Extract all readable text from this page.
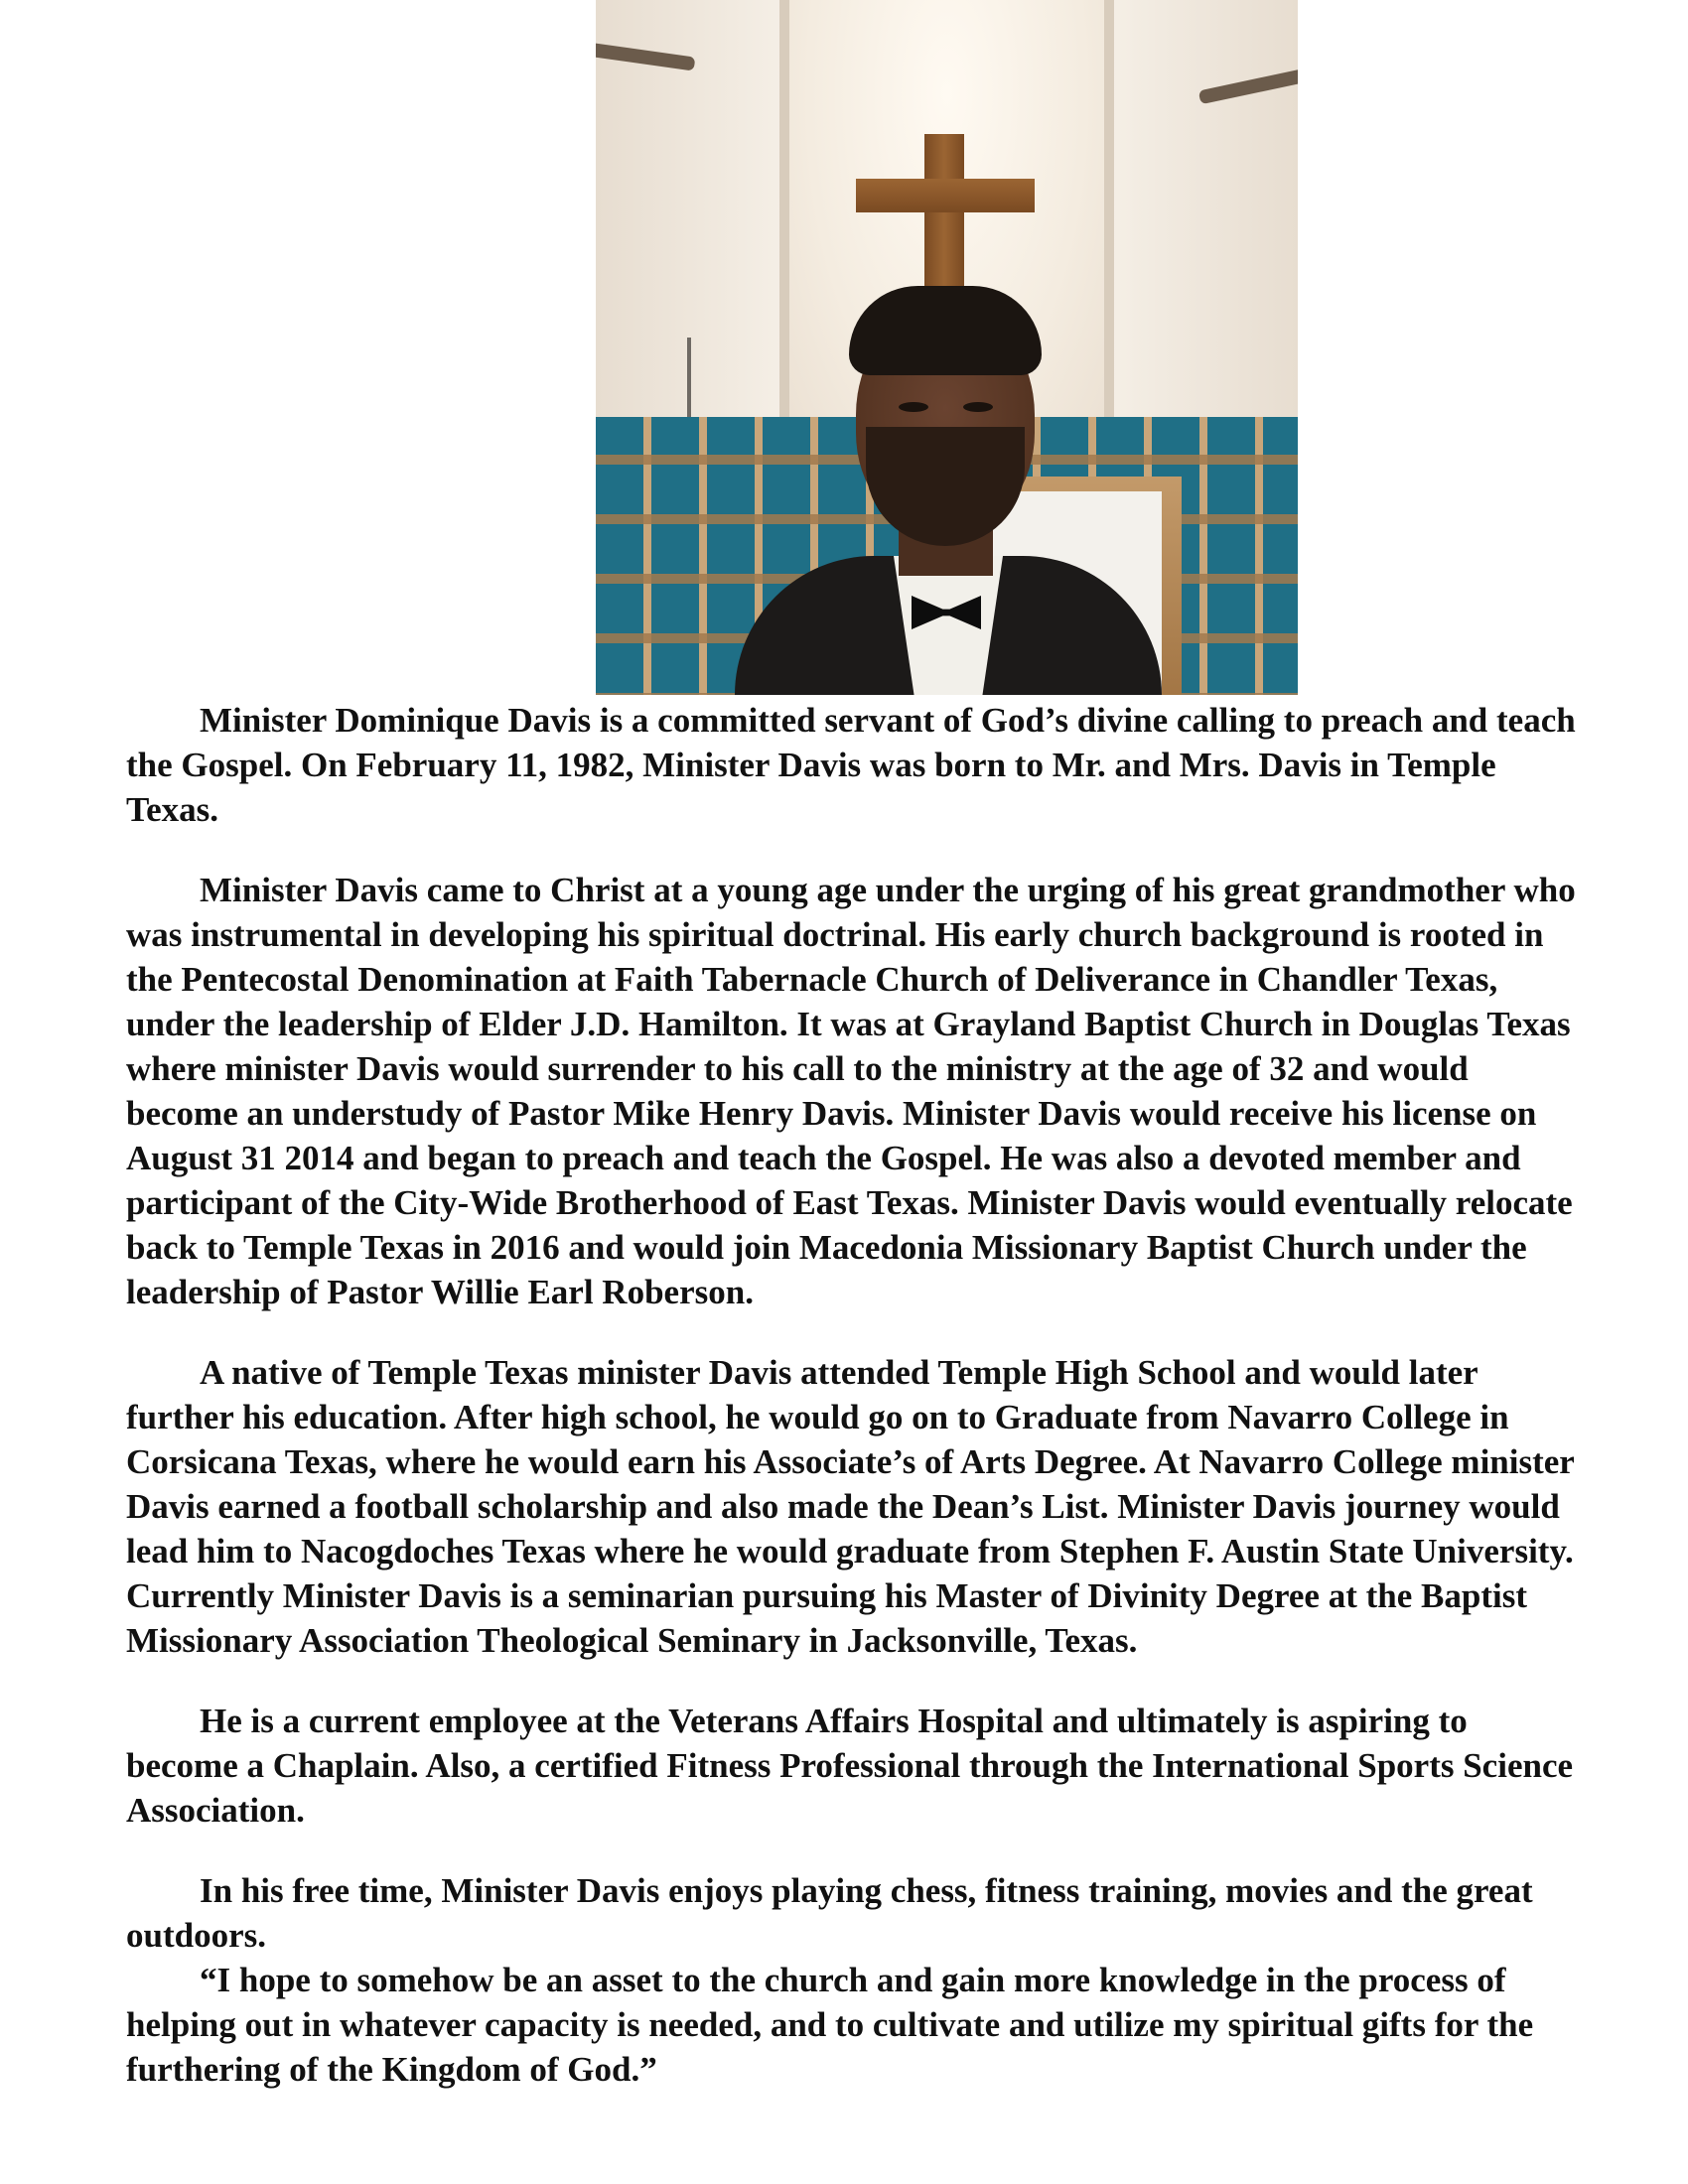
Minister Dominique Davis is a committed servant of God’s divine calling to preach and teach the Gospel. On February 11, 1982, Minister Davis was born to Mr. and Mrs. Davis in Temple Texas.

Minister Davis came to Christ at a young age under the urging of his great grandmother who was instrumental in developing his spiritual doctrinal. His early church background is rooted in the Pentecostal Denomination at Faith Tabernacle Church of Deliverance in Chandler Texas, under the leadership of Elder J.D. Hamilton. It was at Grayland Baptist Church in Douglas Texas where minister Davis would surrender to his call to the ministry at the age of 32 and would become an understudy of Pastor Mike Henry Davis. Minister Davis would receive his license on August 31 2014 and began to preach and teach the Gospel. He was also a devoted member and participant of the City-Wide Brotherhood of East Texas. Minister Davis would eventually relocate back to Temple Texas in 2016 and would join Macedonia Missionary Baptist Church under the leadership of Pastor Willie Earl Roberson.

A native of Temple Texas minister Davis attended Temple High School and would later further his education. After high school, he would go on to Graduate from Navarro College in Corsicana Texas, where he would earn his Associate’s of Arts Degree. At Navarro College minister Davis earned a football scholarship and also made the Dean’s List. Minister Davis journey would lead him to Nacogdoches Texas where he would graduate from Stephen F. Austin State University. Currently Minister Davis is a seminarian pursuing his Master of Divinity Degree at the Baptist Missionary Association Theological Seminary in Jacksonville, Texas.

He is a current employee at the Veterans Affairs Hospital and ultimately is aspiring to become a Chaplain. Also, a certified Fitness Professional through the International Sports Science Association.

In his free time, Minister Davis enjoys playing chess, fitness training, movies and the great outdoors.

“I hope to somehow be an asset to the church and gain more knowledge in the process of helping out in whatever capacity is needed, and to cultivate and utilize my spiritual gifts for the furthering of the Kingdom of God.”
